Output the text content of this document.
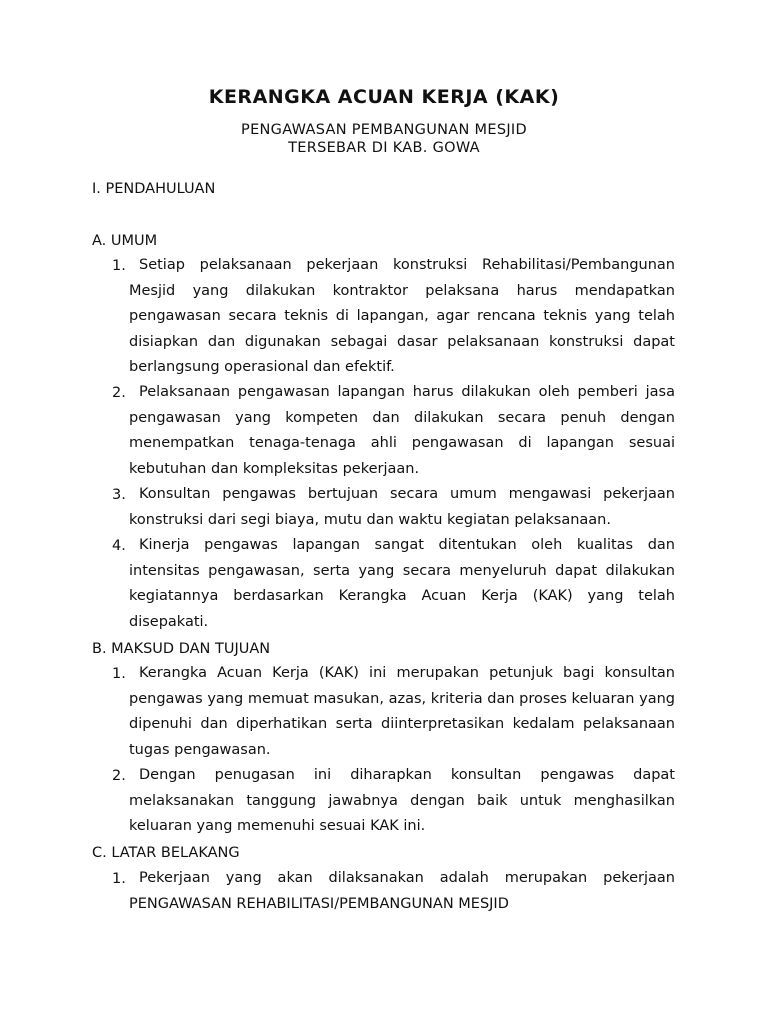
KERANGKA ACUAN KERJA (KAK)
PENGAWASAN PEMBANGUNAN MESJID
TERSEBAR DI KAB. GOWA
I. PENDAHULUAN
A. UMUM
1. Setiap pelaksanaan pekerjaan konstruksi Rehabilitasi/Pembangunan Mesjid yang dilakukan kontraktor pelaksana harus mendapatkan pengawasan secara teknis di lapangan, agar rencana teknis yang telah disiapkan dan digunakan sebagai dasar pelaksanaan konstruksi dapat berlangsung operasional dan efektif.
2. Pelaksanaan pengawasan lapangan harus dilakukan oleh pemberi jasa pengawasan yang kompeten dan dilakukan secara penuh dengan menempatkan tenaga-tenaga ahli pengawasan di lapangan sesuai kebutuhan dan kompleksitas pekerjaan.
3. Konsultan pengawas bertujuan secara umum mengawasi pekerjaan konstruksi dari segi biaya, mutu dan waktu kegiatan pelaksanaan.
4. Kinerja pengawas lapangan sangat ditentukan oleh kualitas dan intensitas pengawasan, serta yang secara menyeluruh dapat dilakukan kegiatannya berdasarkan Kerangka Acuan Kerja (KAK) yang telah disepakati.
B. MAKSUD DAN TUJUAN
1. Kerangka Acuan Kerja (KAK) ini merupakan petunjuk bagi konsultan pengawas yang memuat masukan, azas, kriteria dan proses keluaran yang dipenuhi dan diperhatikan serta diinterpretasikan kedalam pelaksanaan tugas pengawasan.
2. Dengan penugasan ini diharapkan konsultan pengawas dapat melaksanakan tanggung jawabnya dengan baik untuk menghasilkan keluaran yang memenuhi sesuai KAK ini.
C. LATAR BELAKANG
1. Pekerjaan yang akan dilaksanakan adalah merupakan pekerjaan PENGAWASAN REHABILITASI/PEMBANGUNAN MESJID
